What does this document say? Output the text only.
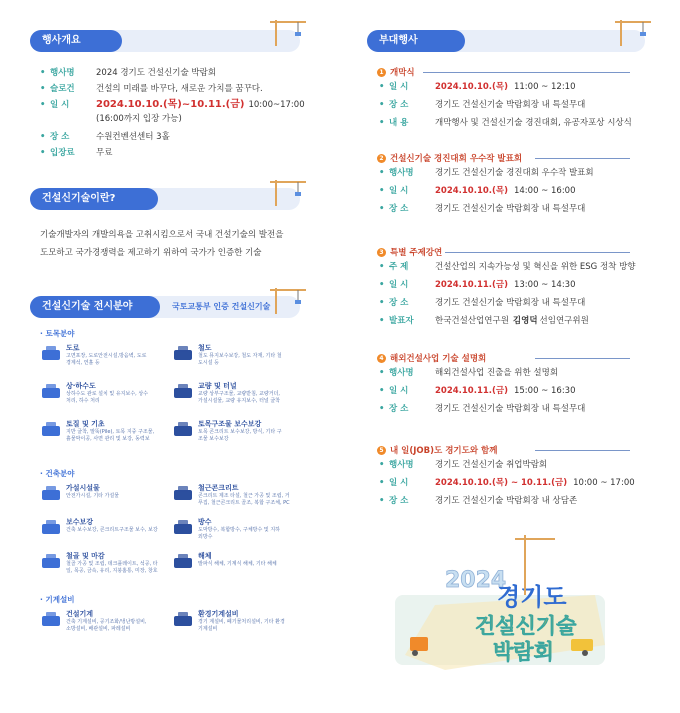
행사개요
• 행사명	2024 경기도 건설신기술 박람회
• 슬로건	건설의 미래를 바꾸다, 새로운 가치를 꿈꾸다.
• 일 시	2024.10.10.(목)~10.11.(금) 10:00~17:00
(16:00까지 입장 가능)
• 장 소	수원컨벤션센터 3홀
• 입장료	무료
건설신기술이란?
기술개발자의 개발의욕을 고취시킴으로서 국내 건설기술의 발전을
도모하고 국가경쟁력을 제고하기 위하여 국가가 인증한 기술
건설신기술 전시분야	국토교통부 인증 건설신기술
· 토목분야
도로
고면포장, 도로안전시설,방음벽, 도로
경계석, 연흘 등
철도
철도 뮤지보수보강, 철도 자재, 기타 철
도시설 등
상·하수도
상하수도 관로 설치 및 유지보수, 상수
처리, 하수 처리
교량 및 터널
교량 상부구조물, 교량받침, 교량거더,
가설시설물, 교량 유지보수, 터널 굴착
토질 및 기초
지반 굴착, 말뚝(Pile), 토목 지중 구조물,
흙물막이공, 사면 관리 및 보강, 동력보
토목구조물 보수보강
토목 콘크리트 보수보강, 방식, 기타 구
조물 보수보강
· 건축분야
가설시설물
안전가시설, 기타 가설물
철근콘크리트
콘크리트 제조 타설, 철근 가공 및 조립, 거
푸집, 철근콘크리트 골조, 복합 구조체, PC
보수보강
건축 보수보강, 콘크리트구조물 보수, 보강
방수
도막방수, 복합방수, 구체방수 및 지하
외방수
철골 및 마감
철골 가공 및 조립, 데크플레이트, 석공, 타
일, 목공, 금속, 유리, 지붕홈통, 미장, 창호
해체
발파식 해체, 기계식 해체, 기타 해체
· 기계설비
건설기계
건축 기계설비, 공기조화/냉난방설비,
소방설비, 배관설비, 파레설비
환경기계설비
경기 계설비, 폐기물처리설비, 기타 환경
기계설비
부대행사
1 개막식
• 일 시	2024.10.10.(목) 11:00 ~ 12:10
• 장 소	경기도 건설신기술 박람회장 내 특설무대
• 내 용	개막행사 및 건설신기술 경진대회, 유공자포상 시상식
2 건설신기술 경진대회 우수작 발표회
• 행사명	경기도 건설신기술 경진대회 우수작 발표회
• 일 시	2024.10.10.(목) 14:00 ~ 16:00
• 장 소	경기도 건설신기술 박람회장 내 특설무대
3 특별 주제강연
• 주 제	건설산업의 지속가능성 및 혁신을 위한 ESG 정착 방향
• 일 시	2024.10.11.(금) 13:00 ~ 14:30
• 장 소	경기도 건설신기술 박람회장 내 특설무대
• 발표자	한국건설산업연구원 김영덕 선임연구위원
4 해외건설사업 기술 설명회
• 행사명	해외건설사업 진출을 위한 설명회
• 일 시	2024.10.11.(금) 15:00 ~ 16:30
• 장 소	경기도 건설신기술 박람회장 내 특설무대
5 내 일(JOB)도 경기도와 함께
• 행사명	경기도 건설신기술 취업박람회
• 일 시	2024.10.10.(목) ~ 10.11.(금) 10:00 ~ 17:00
• 장 소	경기도 건설신기술 박람회장 내 상담존
2024
경기도
건설신기술
박람회
